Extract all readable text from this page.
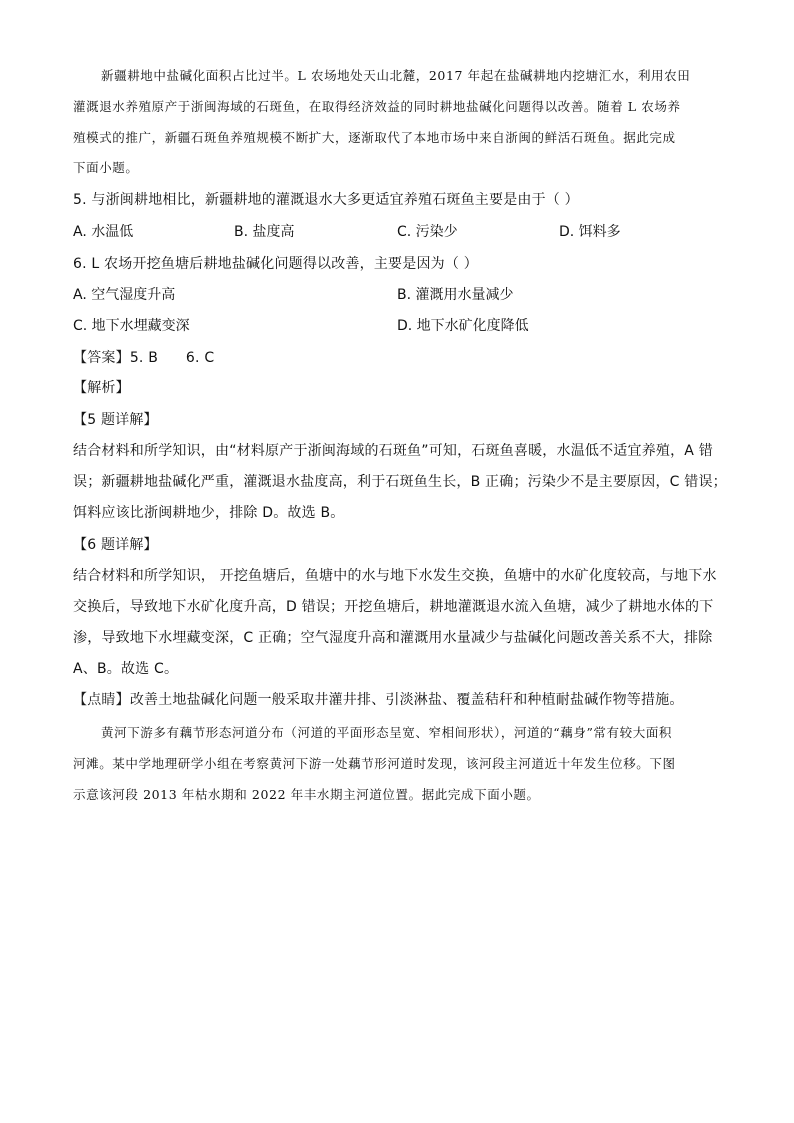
新疆耕地中盐碱化面积占比过半。L 农场地处天山北麓，2017 年起在盐碱耕地内挖塘汇水，利用农田
灌溉退水养殖原产于浙闽海域的石斑鱼，在取得经济效益的同时耕地盐碱化问题得以改善。随着 L 农场养
殖模式的推广，新疆石斑鱼养殖规模不断扩大，逐渐取代了本地市场中来自浙闽的鲜活石斑鱼。据此完成
下面小题。
5. 与浙闽耕地相比，新疆耕地的灌溉退水大多更适宜养殖石斑鱼主要是由于（ ）
A. 水温低	B. 盐度高	C. 污染少	D. 饵料多
6. L 农场开挖鱼塘后耕地盐碱化问题得以改善，主要是因为（ ）
A. 空气湿度升高	B. 灌溉用水量减少
C. 地下水埋藏变深	D. 地下水矿化度降低
【答案】5. B      6. C
【解析】
【5 题详解】
结合材料和所学知识，由“材料原产于浙闽海域的石斑鱼”可知，石斑鱼喜暖，水温低不适宜养殖，A 错
误；新疆耕地盐碱化严重，灌溉退水盐度高，利于石斑鱼生长，B 正确；污染少不是主要原因，C 错误；
饵料应该比浙闽耕地少，排除 D。故选 B。
【6 题详解】
结合材料和所学知识， 开挖鱼塘后，鱼塘中的水与地下水发生交换，鱼塘中的水矿化度较高，与地下水
交换后，导致地下水矿化度升高，D 错误；开挖鱼塘后，耕地灌溉退水流入鱼塘，减少了耕地水体的下
渗，导致地下水埋藏变深，C 正确；空气湿度升高和灌溉用水量减少与盐碱化问题改善关系不大，排除
A、B。故选 C。
【点睛】改善土地盐碱化问题一般采取井灌井排、引淡淋盐、覆盖秸秆和种植耐盐碱作物等措施。
黄河下游多有藕节形态河道分布（河道的平面形态呈宽、窄相间形状），河道的“藕身”常有较大面积
河滩。某中学地理研学小组在考察黄河下游一处藕节形河道时发现，该河段主河道近十年发生位移。下图
示意该河段 2013 年枯水期和 2022 年丰水期主河道位置。据此完成下面小题。
